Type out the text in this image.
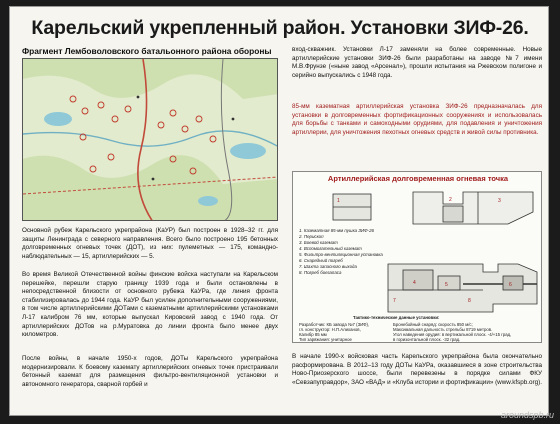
Карельский укрепленный район. Установки ЗИФ-26.
Фрагмент Лембоволовского батальонного района обороны
Основной рубеж Карельского укрепрайона (КаУР) был построен в 1928–32 гг. для защиты Ленинграда с северного направления. Всего было построено 195 бетонных долговременных огневых точек (ДОТ), из них: пулеметных — 175, командно-наблюдательных — 15, артиллерийских — 5.
Во время Великой Отечественной войны финские войска наступали на Карельском перешейке, перешли старую границу 1939 года и были остановлены в непосредственной близости от основного рубежа КаУРа, где линия фронта стабилизировалась до 1944 года. КаУР был усилен дополнительными сооружениями, в том числе артиллерийскими ДОТами с казематными артиллерийскими установками Л-17 калибром 76 мм, которые выпускал Кировский завод с 1940 года. От артиллерийских ДОТов на р.Муратовка до линии фронта было менее двух километров.
После войны, в начале 1950-х годов, ДОТы Карельского укрепрайона модернизировали. К боевому каземату артиллерийских огневых точек пристраивали бетонный каземат для размещения фильтро-вентиляционной установки и автономного генератора, сварной горбей и
вход-скважник. Установки Л-17 заменяли на более современные. Новые артиллерийские установки ЗИФ-26 были разработаны на заводе №7 имени М.В.Фрунзе («ныне завод «Арсенал»), прошли испытания на Ржевском полигоне и серийно выпускались с 1948 года.
85-мм казематная артиллерийская установка ЗИФ-26 предназначалась для установки в долговременных фортификационных сооружениях и использовалась для борьбы с танками и самоходными орудиями, для подавления и уничтожения артиллерии, для уничтожения пехотных огневых средств и живой силы противника.
Артиллерийская долговременная огневая точка
1	2	3
4	5	6
7	8
1. Казематная 85-мм пушка ЗИФ-26
2. Перископ
3. Боевой каземат
4. Вспомогательный каземат
5. Фильтро-вентиляционная установка
6. Снарядный погреб
7. Шахта запасного выхода
8. Погреб боезапаса
Тактико-технические данные установки:
Разработчик: КБ завода №7 (ЗИФ),
гл. конструктор: Н.П.Алиханов,
Калибр 85 мм
Тип заряжания: унитарное
Бронебойный снаряд: скорость 850 м/с;
Максимальная дальность стрельбы 8719 метров.
Угол наведения орудия: в вертикальной плоск. -4/+15 град,
в горизонтальной плоск. -32 град.
В начале 1990-х войсковая часть Карельского укрепрайона была окончательно расформирована. В 2012–13 году ДОТы КаУРа, оказавшиеся в зоне строительства Ново-Приозерского шоссе, были перевезены в порядке силами ФКУ «Севзапуправдор», ЗАО «ВАД» и «Клуба истории и фортификации» (www.kfspb.org).
aroundspb.ru
